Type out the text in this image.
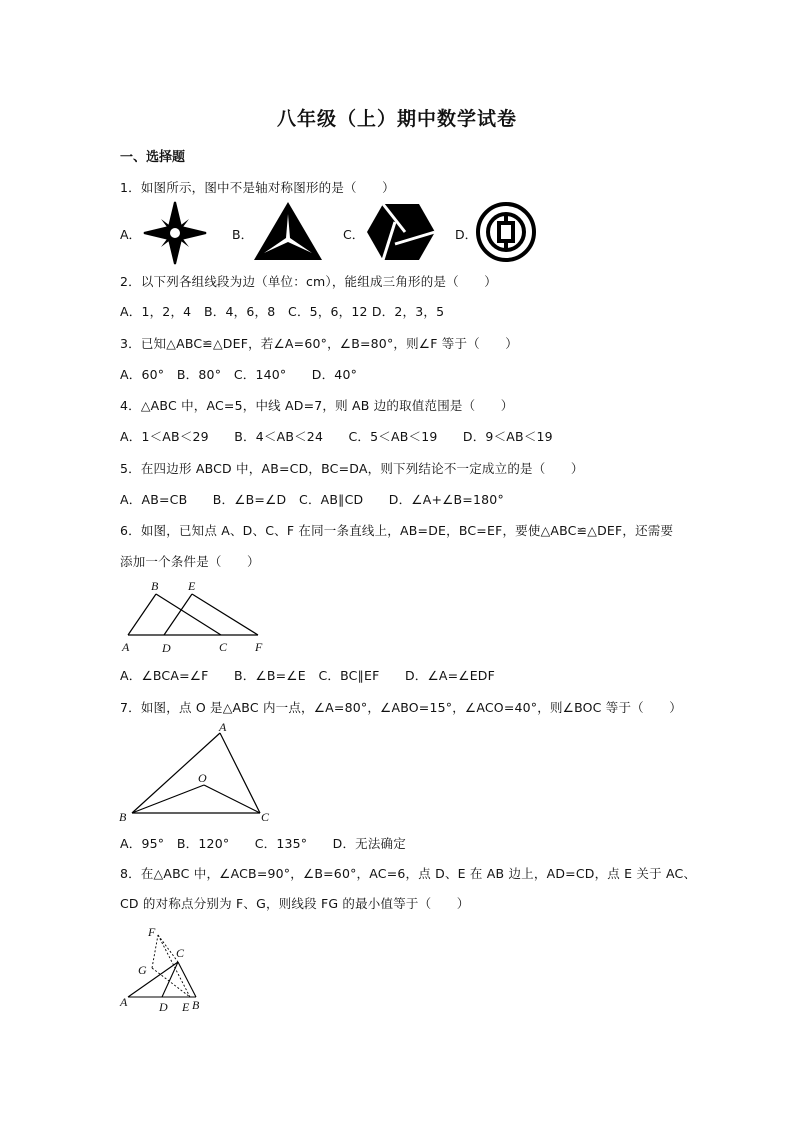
八年级（上）期中数学试卷
一、选择题
1．如图所示，图中不是轴对称图形的是（　　）
A．	B．	C．	D．
2．以下列各组线段为边（单位：cm），能组成三角形的是（　　）
A．1，2，4　B．4，6，8　C．5，6，12 D．2，3，5
3．已知△ABC≌△DEF，若∠A=60°，∠B=80°，则∠F 等于（　　）
A．60°　B．80°　C．140°　　D．40°
4．△ABC 中，AC=5，中线 AD=7，则 AB 边的取值范围是（　　）
A．1＜AB＜29　　B．4＜AB＜24　　C．5＜AB＜19　　D．9＜AB＜19
5．在四边形 ABCD 中，AB=CD，BC=DA，则下列结论不一定成立的是（　　）
A．AB=CB　　B．∠B=∠D　C．AB∥CD　　D．∠A+∠B=180°
6．如图，已知点 A、D、C、F 在同一条直线上，AB=DE，BC=EF，要使△ABC≌△DEF，还需要
添加一个条件是（　　）
B E
A	D	C F
A．∠BCA=∠F　　B．∠B=∠E　C．BC∥EF　　D．∠A=∠EDF
7．如图，点 O 是△ABC 内一点，∠A=80°，∠ABO=15°，∠ACO=40°，则∠BOC 等于（　　）
A
O
B	C
A．95°　B．120°　　C．135°　　D．无法确定
8．在△ABC 中，∠ACB=90°，∠B=60°，AC=6，点 D、E 在 AB 边上，AD=CD，点 E 关于 AC、
CD 的对称点分别为 F、G，则线段 FG 的最小值等于（　　）
F
C
G
A	D E B
